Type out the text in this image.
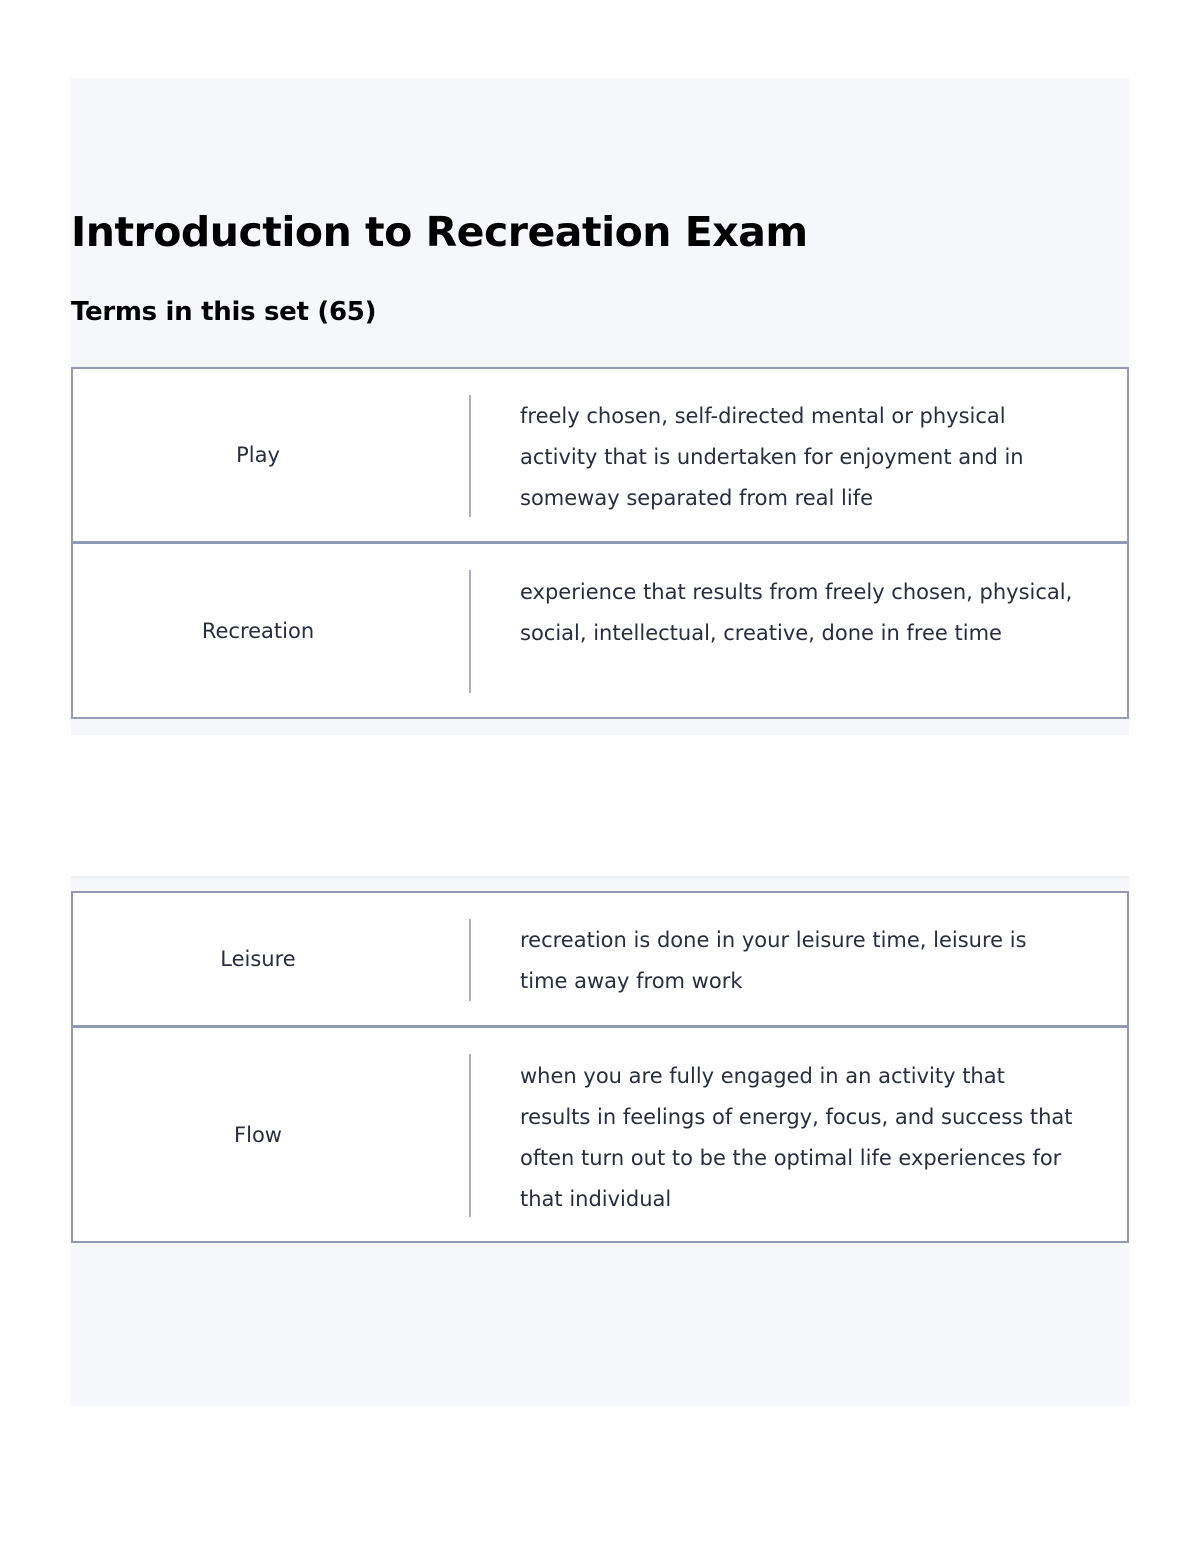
Introduction to Recreation Exam
Terms in this set (65)
Play
freely chosen, self-directed mental or physical activity that is undertaken for enjoyment and in someway separated from real life
Recreation
experience that results from freely chosen, physical, social, intellectual, creative, done in free time
Leisure
recreation is done in your leisure time, leisure is time away from work
Flow
when you are fully engaged in an activity that results in feelings of energy, focus, and success that often turn out to be the optimal life experiences for that individual
